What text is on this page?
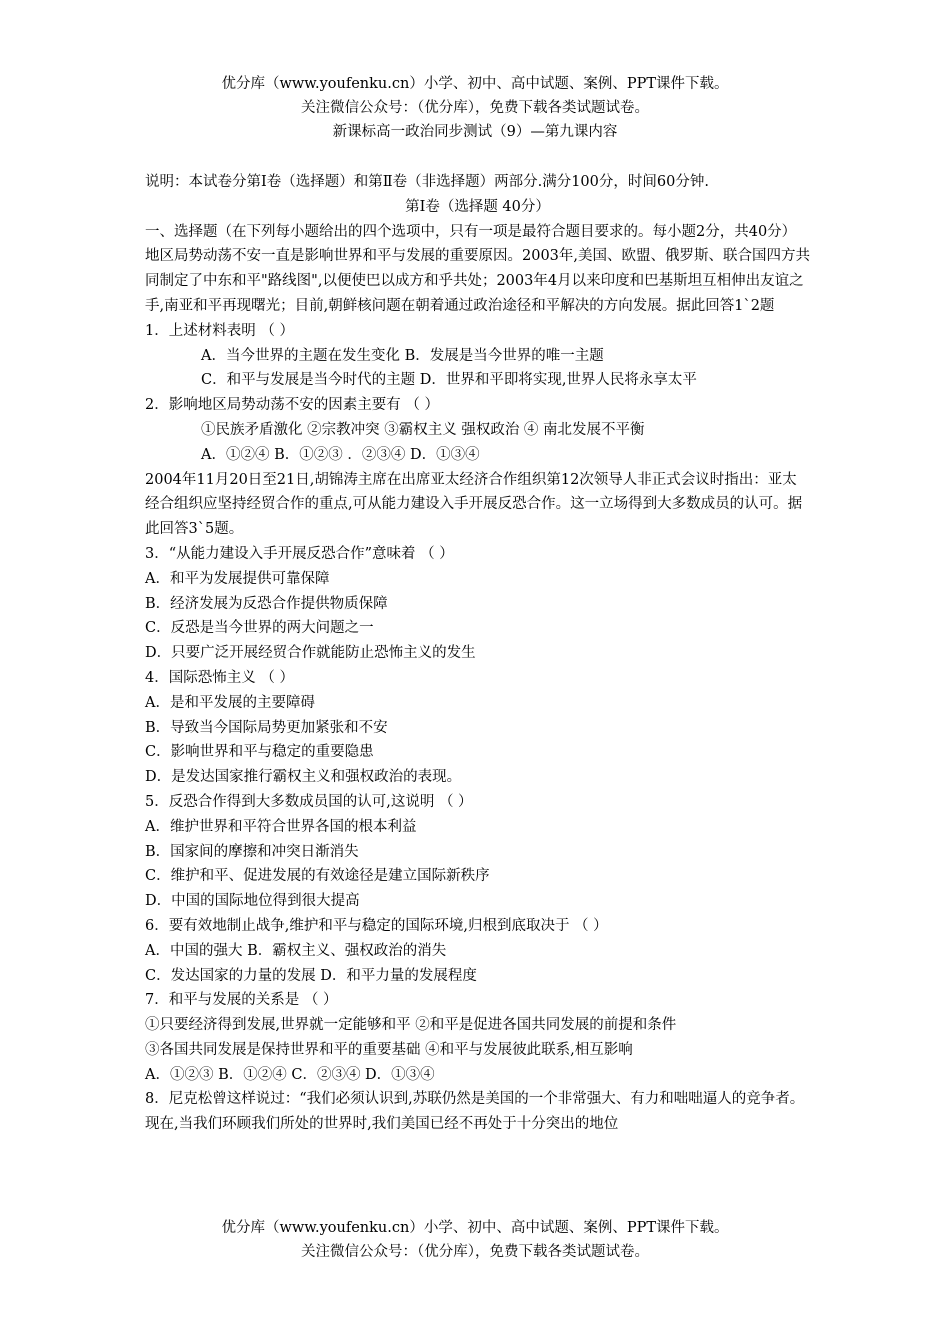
优分库（www.youfenku.cn）小学、初中、高中试题、案例、PPT课件下载。
关注微信公众号：（优分库），免费下载各类试题试卷。
新课标高一政治同步测试（9）—第九课内容

说明：本试卷分第Ⅰ卷（选择题）和第Ⅱ卷（非选择题）两部分.满分100分，时间60分钟.

第Ⅰ卷（选择题 40分）

一、选择题（在下列每小题给出的四个选项中，只有一项是最符合题目要求的。每小题2分，共40分）

地区局势动荡不安一直是影响世界和平与发展的重要原因。2003年,美国、欧盟、俄罗斯、联合国四方共同制定了中东和平"路线图",以便使巴以成方和乎共处；2003年4月以来印度和巴基斯坦互相伸出友谊之手,南亚和平再现曙光；目前,朝鲜核问题在朝着通过政治途径和平解决的方向发展。据此回答1`2题

1．上述材料表明 （ ）

A．当今世界的主题在发生变化 B．发展是当今世界的唯一主题

C．和平与发展是当今时代的主题 D．世界和平即将实现,世界人民将永享太平

2．影响地区局势动荡不安的因素主要有 （ ）

①民族矛盾激化 ②宗教冲突 ③霸权主义 强权政治 ④ 南北发展不平衡

A．①②④ B．①②③ ．②③④ D．①③④

2004年11月20日至21日,胡锦涛主席在出席亚太经济合作组织第12次领导人非正式会议时指出：亚太经合组织应坚持经贸合作的重点,可从能力建设入手开展反恐合作。这一立场得到大多数成员的认可。据此回答3`5题。

3．“从能力建设入手开展反恐合作”意味着 （ ）

A．和平为发展提供可靠保障

B．经济发展为反恐合作提供物质保障

C．反恐是当今世界的两大问题之一

D．只要广泛开展经贸合作就能防止恐怖主义的发生

4．国际恐怖主义 （ ）

A．是和平发展的主要障碍

B．导致当今国际局势更加紧张和不安

C．影响世界和平与稳定的重要隐患

D．是发达国家推行霸权主义和强权政治的表现。

5．反恐合作得到大多数成员国的认可,这说明 （ ）

A．维护世界和平符合世界各国的根本利益

B．国家间的摩擦和冲突日渐消失

C．维护和平、促进发展的有效途径是建立国际新秩序

D．中国的国际地位得到很大提高

6．要有效地制止战争,维护和平与稳定的国际环境,归根到底取决于 （ ）

A．中国的强大 B．霸权主义、强权政治的消失

C．发达国家的力量的发展 D．和平力量的发展程度

7．和平与发展的关系是 （ ）

①只要经济得到发展,世界就一定能够和平 ②和平是促进各国共同发展的前提和条件

③各国共同发展是保持世界和平的重要基础 ④和平与发展彼此联系,相互影响

A．①②③ B．①②④ C．②③④ D．①③④

8．尼克松曾这样说过：“我们必须认识到,苏联仍然是美国的一个非常强大、有力和咄咄逼人的竞争者。现在,当我们环顾我们所处的世界时,我们美国已经不再处于十分突出的地位

优分库（www.youfenku.cn）小学、初中、高中试题、案例、PPT课件下载。
关注微信公众号：（优分库），免费下载各类试题试卷。
